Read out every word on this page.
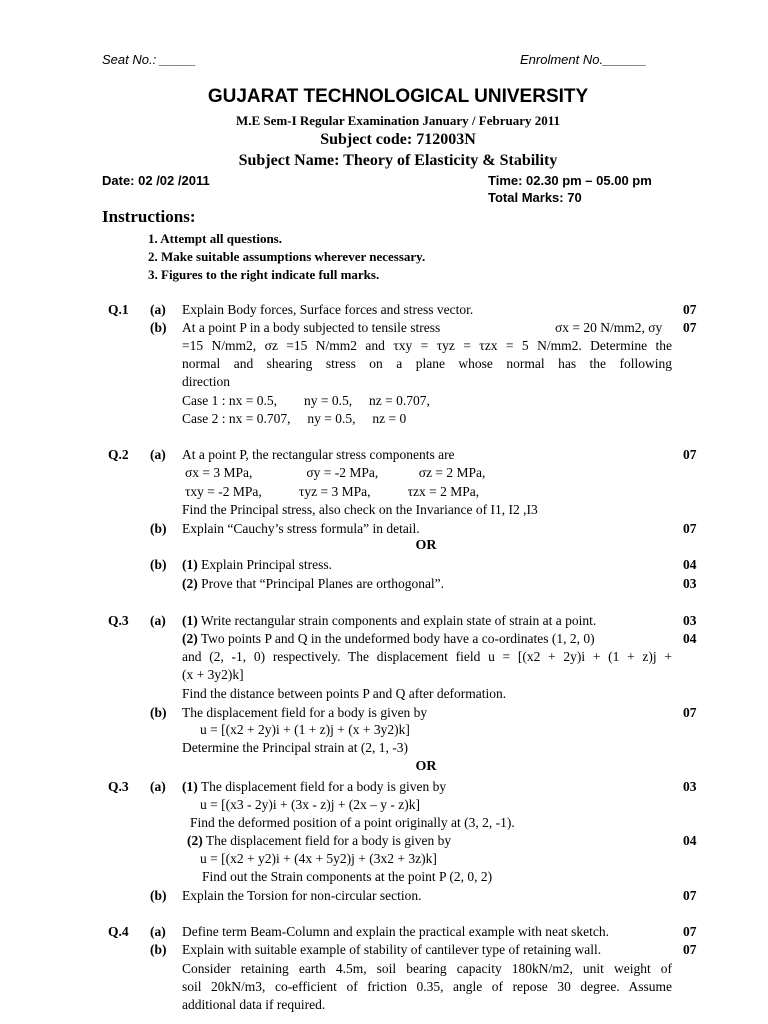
Seat No.: _____	Enrolment No.______
GUJARAT TECHNOLOGICAL UNIVERSITY
M.E Sem-I Regular Examination January / February 2011
Subject code: 712003N
Subject Name: Theory of Elasticity & Stability
Date: 02 /02 /2011	Time: 02.30 pm – 05.00 pm
Total Marks: 70
Instructions:
1. Attempt all questions.
2. Make suitable assumptions wherever necessary.
3. Figures to the right indicate full marks.
Q.1 (a) Explain Body forces, Surface forces and stress vector.	07
(b) At a point P in a body subjected to tensile stress	σx = 20 N/mm2, σy 07
=15 N/mm2, σz =15 N/mm2 and τxy = τyz = τzx = 5 N/mm2. Determine the
normal and shearing stress on a plane whose normal has the following
direction
Case 1 : nx = 0.5,        ny = 0.5,     nz = 0.707,
Case 2 : nx = 0.707,     ny = 0.5,     nz = 0
Q.2 (a) At a point P, the rectangular stress components are	07
σx = 3 MPa,                σy = -2 MPa,            σz = 2 MPa,
τxy = -2 MPa,           τyz = 3 MPa,           τzx = 2 MPa,
Find the Principal stress, also check on the Invariance of I1, I2 ,I3
(b) Explain “Cauchy’s stress formula” in detail.	07
OR
(b) (1) Explain Principal stress.	04
(2) Prove that “Principal Planes are orthogonal”.	03
Q.3 (a) (1) Write rectangular strain components and explain state of strain at a point.	03
(2) Two points P and Q in the undeformed body have a co-ordinates (1, 2, 0)	04
and (2, -1, 0) respectively. The displacement field u = [(x2 + 2y)i + (1 + z)j +
(x + 3y2)k]
Find the distance between points P and Q after deformation.
(b) The displacement field for a body is given by	07
u = [(x2 + 2y)i + (1 + z)j + (x + 3y2)k]
Determine the Principal strain at (2, 1, -3)
OR
Q.3 (a) (1) The displacement field for a body is given by	03
u = [(x3 - 2y)i + (3x - z)j + (2x – y - z)k]
Find the deformed position of a point originally at (3, 2, -1).
(2) The displacement field for a body is given by	04
u = [(x2 + y2)i + (4x + 5y2)j + (3x2 + 3z)k]
Find out the Strain components at the point P (2, 0, 2)
(b) Explain the Torsion for non-circular section.	07
Q.4 (a) Define term Beam-Column and explain the practical example with neat sketch.	07
(b) Explain with suitable example of stability of cantilever type of retaining wall.	07
Consider retaining earth 4.5m, soil bearing capacity 180kN/m2, unit weight of
soil 20kN/m3, co-efficient of friction 0.35, angle of repose 30 degree. Assume
additional data if required.
